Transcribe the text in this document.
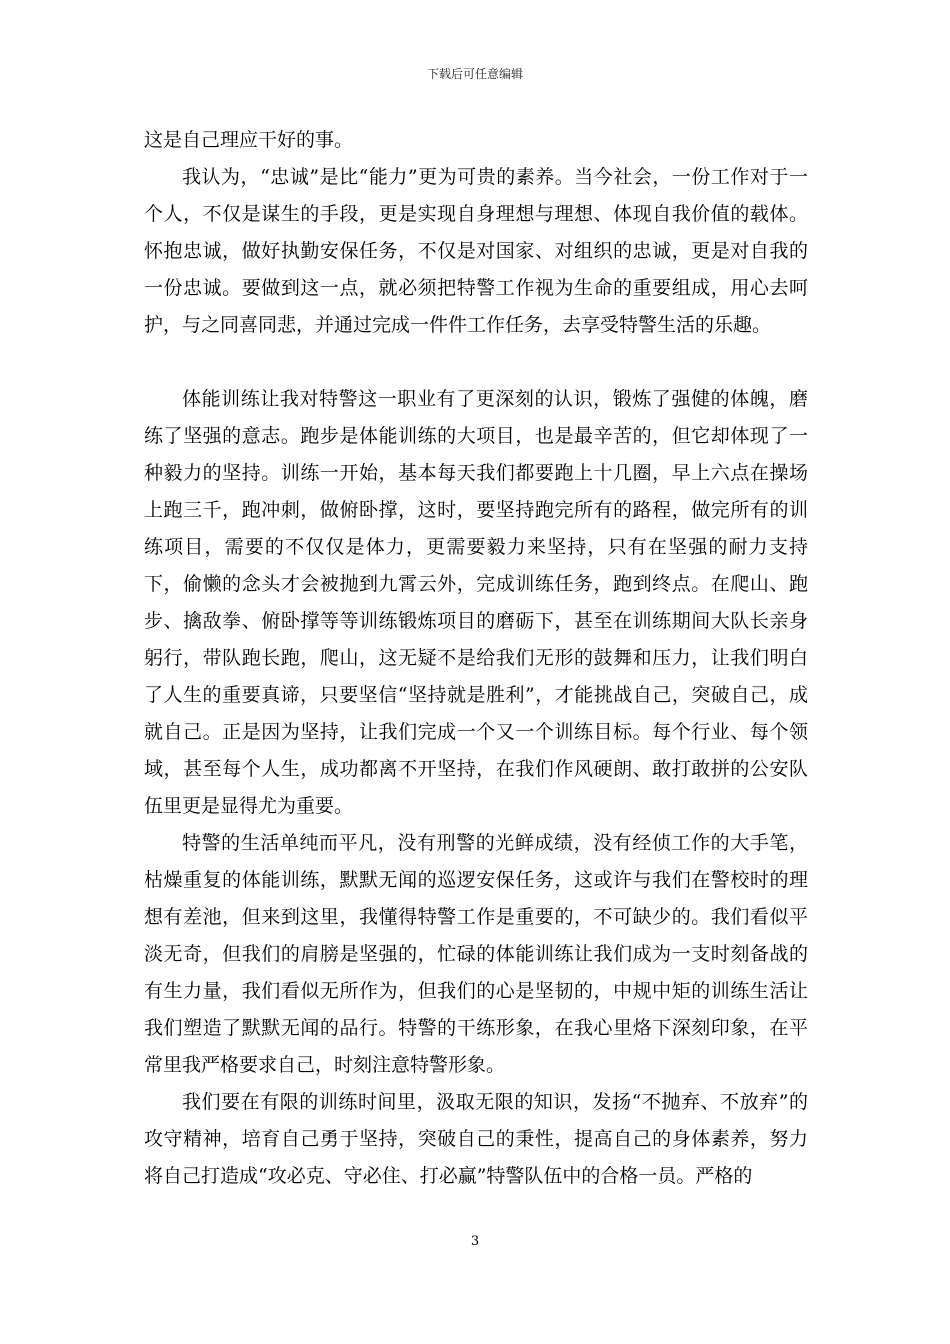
下载后可任意编辑

这是自己理应干好的事。

我认为，“忠诚”是比“能力”更为可贵的素养。当今社会，一份工作对于一个人，不仅是谋生的手段，更是实现自身理想与理想、体现自我价值的载体。怀抱忠诚，做好执勤安保任务，不仅是对国家、对组织的忠诚，更是对自我的一份忠诚。要做到这一点，就必须把特警工作视为生命的重要组成，用心去呵护，与之同喜同悲，并通过完成一件件工作任务，去享受特警生活的乐趣。

体能训练让我对特警这一职业有了更深刻的认识，锻炼了强健的体魄，磨练了坚强的意志。跑步是体能训练的大项目，也是最辛苦的，但它却体现了一种毅力的坚持。训练一开始，基本每天我们都要跑上十几圈，早上六点在操场上跑三千，跑冲刺，做俯卧撑，这时，要坚持跑完所有的路程，做完所有的训练项目，需要的不仅仅是体力，更需要毅力来坚持，只有在坚强的耐力支持下，偷懒的念头才会被抛到九霄云外，完成训练任务，跑到终点。在爬山、跑步、擒敌拳、俯卧撑等等训练锻炼项目的磨砺下，甚至在训练期间大队长亲身躬行，带队跑长跑，爬山，这无疑不是给我们无形的鼓舞和压力，让我们明白了人生的重要真谛，只要坚信“坚持就是胜利”，才能挑战自己，突破自己，成就自己。正是因为坚持，让我们完成一个又一个训练目标。每个行业、每个领域，甚至每个人生，成功都离不开坚持，在我们作风硬朗、敢打敢拼的公安队伍里更是显得尤为重要。

特警的生活单纯而平凡，没有刑警的光鲜成绩，没有经侦工作的大手笔，枯燥重复的体能训练，默默无闻的巡逻安保任务，这或许与我们在警校时的理想有差池，但来到这里，我懂得特警工作是重要的，不可缺少的。我们看似平淡无奇，但我们的肩膀是坚强的，忙碌的体能训练让我们成为一支时刻备战的有生力量，我们看似无所作为，但我们的心是坚韧的，中规中矩的训练生活让我们塑造了默默无闻的品行。特警的干练形象，在我心里烙下深刻印象，在平常里我严格要求自己，时刻注意特警形象。

我们要在有限的训练时间里，汲取无限的知识，发扬“不抛弃、不放弃”的攻守精神，培育自己勇于坚持，突破自己的秉性，提高自己的身体素养，努力将自己打造成“攻必克、守必住、打必赢”特警队伍中的合格一员。严格的

3
